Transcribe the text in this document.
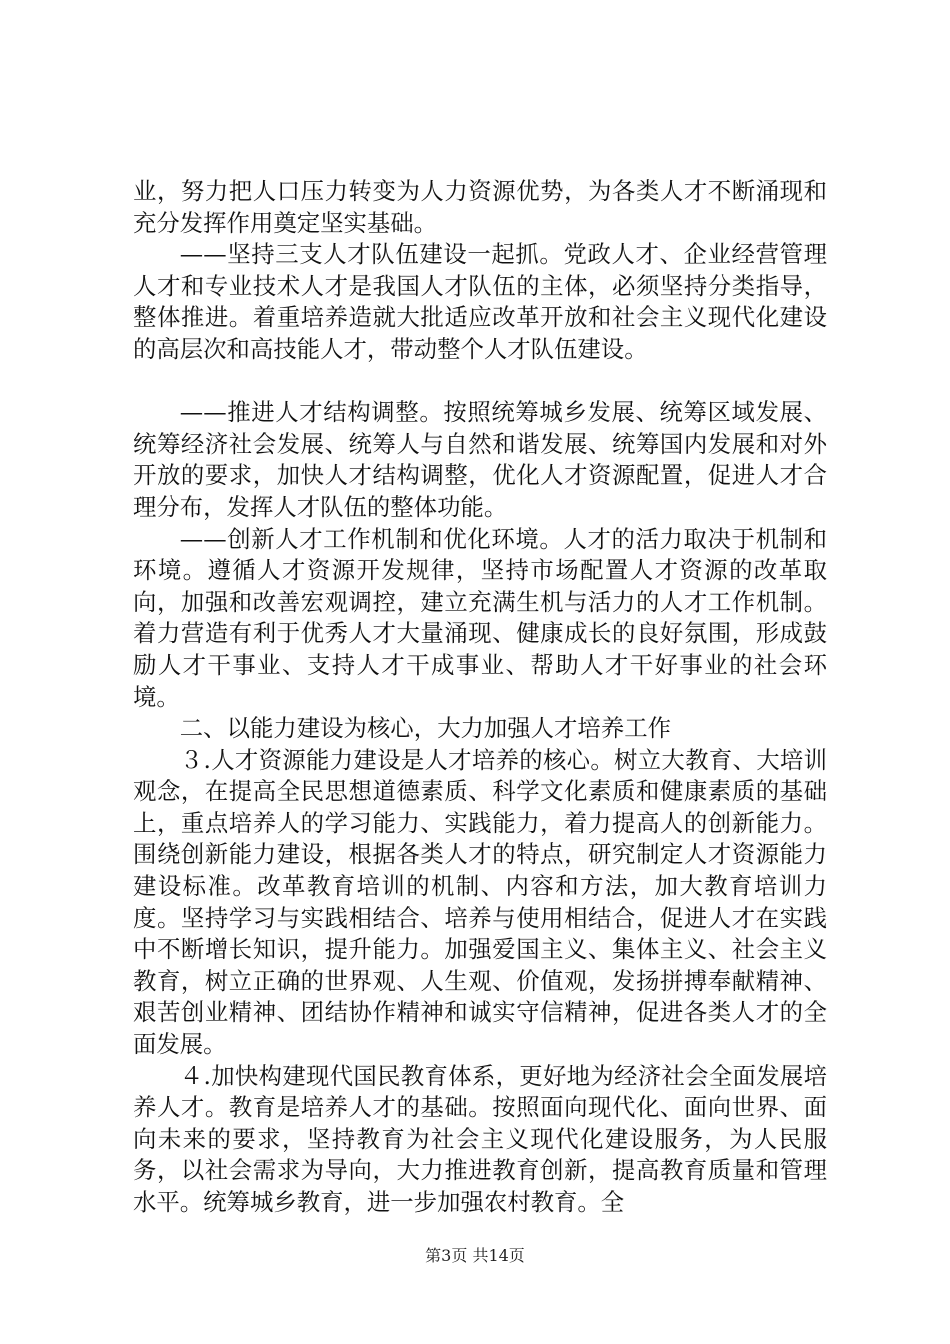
业，努力把人口压力转变为人力资源优势，为各类人才不断涌现和充分发挥作用奠定坚实基础。

——坚持三支人才队伍建设一起抓。党政人才、企业经营管理人才和专业技术人才是我国人才队伍的主体，必须坚持分类指导，整体推进。着重培养造就大批适应改革开放和社会主义现代化建设的高层次和高技能人才，带动整个人才队伍建设。

——推进人才结构调整。按照统筹城乡发展、统筹区域发展、统筹经济社会发展、统筹人与自然和谐发展、统筹国内发展和对外开放的要求，加快人才结构调整，优化人才资源配置，促进人才合理分布，发挥人才队伍的整体功能。

——创新人才工作机制和优化环境。人才的活力取决于机制和环境。遵循人才资源开发规律，坚持市场配置人才资源的改革取向，加强和改善宏观调控，建立充满生机与活力的人才工作机制。着力营造有利于优秀人才大量涌现、健康成长的良好氛围，形成鼓励人才干事业、支持人才干成事业、帮助人才干好事业的社会环境。

二、以能力建设为核心，大力加强人才培养工作

３.人才资源能力建设是人才培养的核心。树立大教育、大培训观念，在提高全民思想道德素质、科学文化素质和健康素质的基础上，重点培养人的学习能力、实践能力，着力提高人的创新能力。围绕创新能力建设，根据各类人才的特点，研究制定人才资源能力建设标准。改革教育培训的机制、内容和方法，加大教育培训力度。坚持学习与实践相结合、培养与使用相结合，促进人才在实践中不断增长知识，提升能力。加强爱国主义、集体主义、社会主义教育，树立正确的世界观、人生观、价值观，发扬拼搏奉献精神、艰苦创业精神、团结协作精神和诚实守信精神，促进各类人才的全面发展。

４.加快构建现代国民教育体系，更好地为经济社会全面发展培养人才。教育是培养人才的基础。按照面向现代化、面向世界、面向未来的要求，坚持教育为社会主义现代化建设服务，为人民服务，以社会需求为导向，大力推进教育创新，提高教育质量和管理水平。统筹城乡教育，进一步加强农村教育。全

第3页 共14页
